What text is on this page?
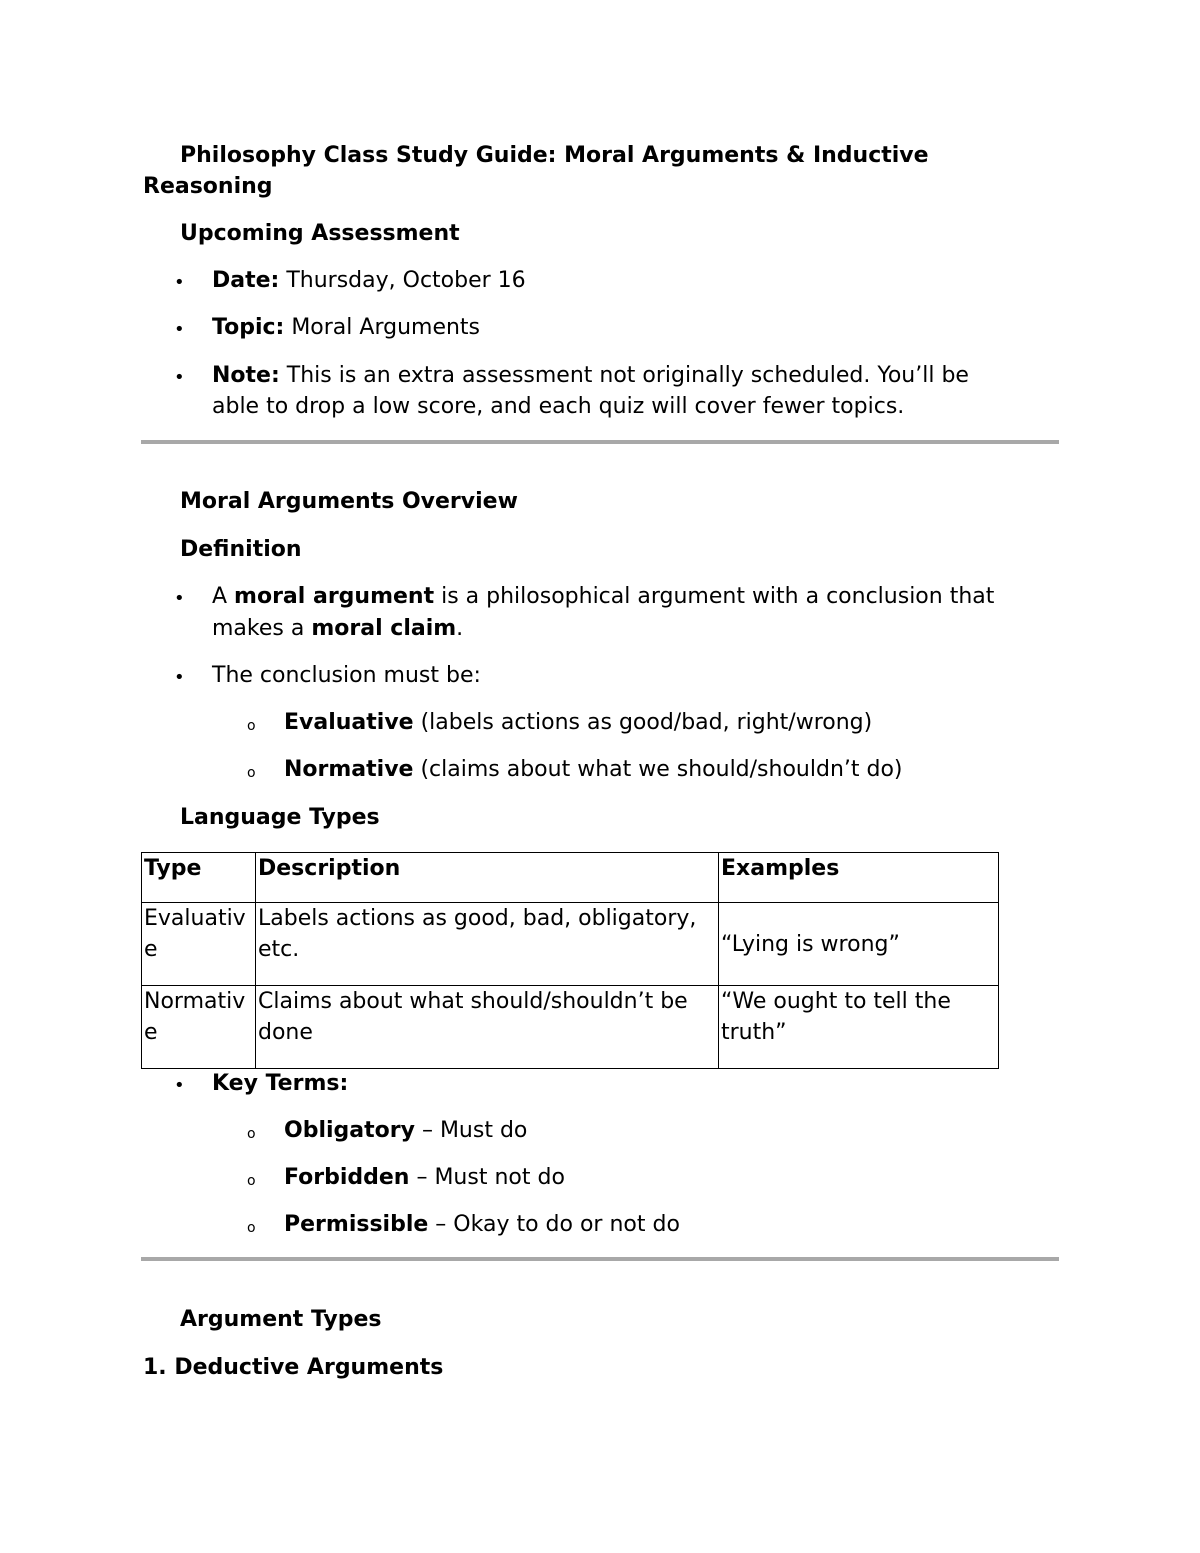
Philosophy Class Study Guide: Moral Arguments & Inductive
Reasoning
Upcoming Assessment
• Date: Thursday, October 16
• Topic: Moral Arguments
• Note: This is an extra assessment not originally scheduled. You’ll be
able to drop a low score, and each quiz will cover fewer topics.
Moral Arguments Overview
Definition
• A moral argument is a philosophical argument with a conclusion that
makes a moral claim.
• The conclusion must be:
o Evaluative (labels actions as good/bad, right/wrong)
o Normative (claims about what we should/shouldn’t do)
Language Types
Type	Description	Examples
Evaluative	Labels actions as good, bad, obligatory, etc.	“Lying is wrong”
Normative	Claims about what should/shouldn’t be done	“We ought to tell the truth”
• Key Terms:
o Obligatory – Must do
o Forbidden – Must not do
o Permissible – Okay to do or not do
Argument Types
1. Deductive Arguments
